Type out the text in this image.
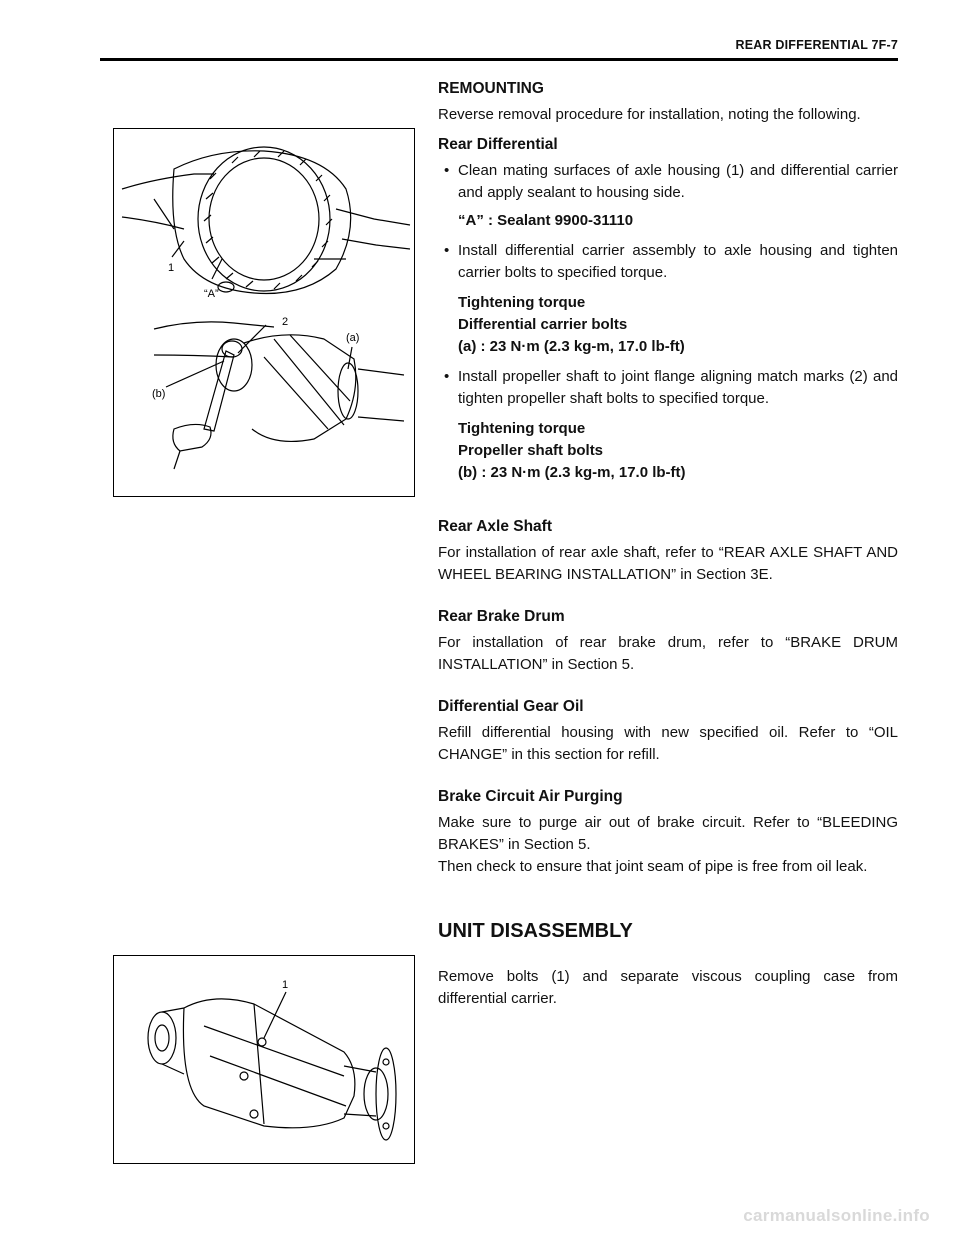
REAR DIFFERENTIAL 7F-7
REMOUNTING
Reverse removal procedure for installation, noting the following.
Rear Differential
• Clean mating surfaces of axle housing (1) and differential carrier and apply sealant to housing side.
“A” : Sealant 9900-31110
• Install differential carrier assembly to axle housing and tighten carrier bolts to specified torque.
Tightening torque
Differential carrier bolts
(a) : 23 N·m (2.3 kg-m, 17.0 lb-ft)
• Install propeller shaft to joint flange aligning match marks (2) and tighten propeller shaft bolts to specified torque.
Tightening torque
Propeller shaft bolts
(b) : 23 N·m (2.3 kg-m, 17.0 lb-ft)
Rear Axle Shaft
For installation of rear axle shaft, refer to “REAR AXLE SHAFT AND WHEEL BEARING INSTALLATION” in Section 3E.
Rear Brake Drum
For installation of rear brake drum, refer to “BRAKE DRUM INSTALLATION” in Section 5.
Differential Gear Oil
Refill differential housing with new specified oil. Refer to “OIL CHANGE” in this section for refill.
Brake Circuit Air Purging
Make sure to purge air out of brake circuit. Refer to “BLEEDING BRAKES” in Section 5.
Then check to ensure that joint seam of pipe is free from oil leak.
UNIT DISASSEMBLY
Remove bolts (1) and separate viscous coupling case from differential carrier.
1
“A”
2
(a)
(b)
1
carmanualsonline.info
